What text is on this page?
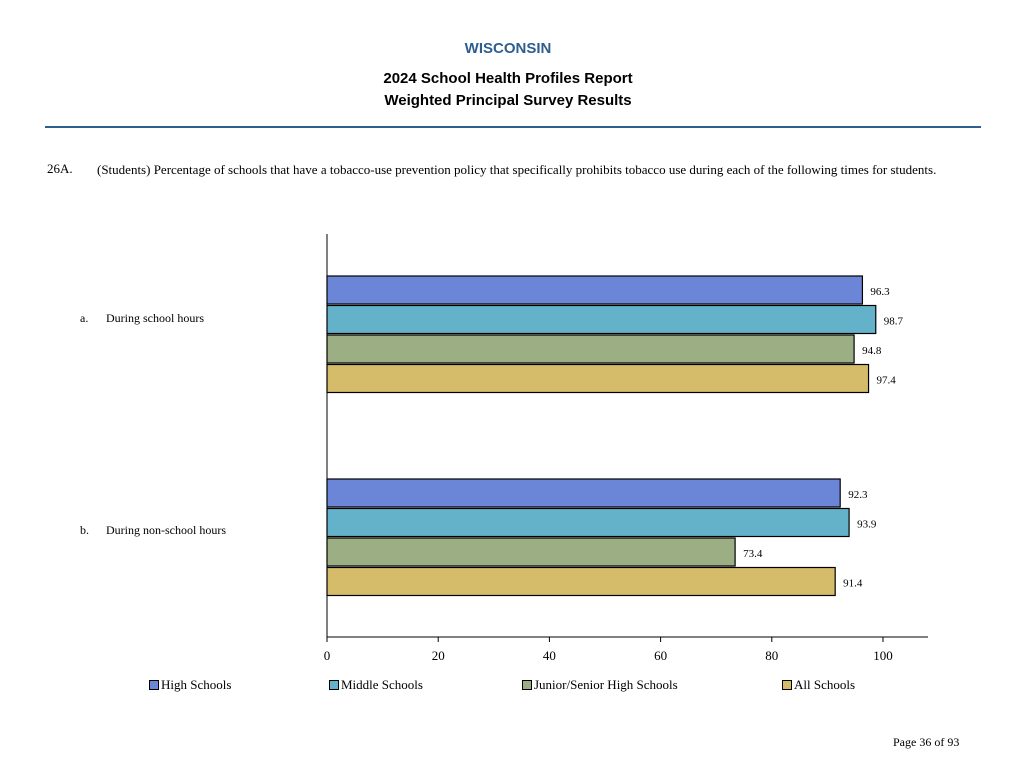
WISCONSIN
2024 School Health Profiles Report
Weighted Principal Survey Results
26A. (Students) Percentage of schools that have a tobacco-use prevention policy that specifically prohibits tobacco use during each of the following times for students.
a. During school hours
b. During non-school hours
96.3
98.7
94.8
97.4
92.3
93.9
73.4
91.4
0	20	40	60	80	100
High Schools	Middle Schools	Junior/Senior High Schools	All Schools
Page 36 of 93
